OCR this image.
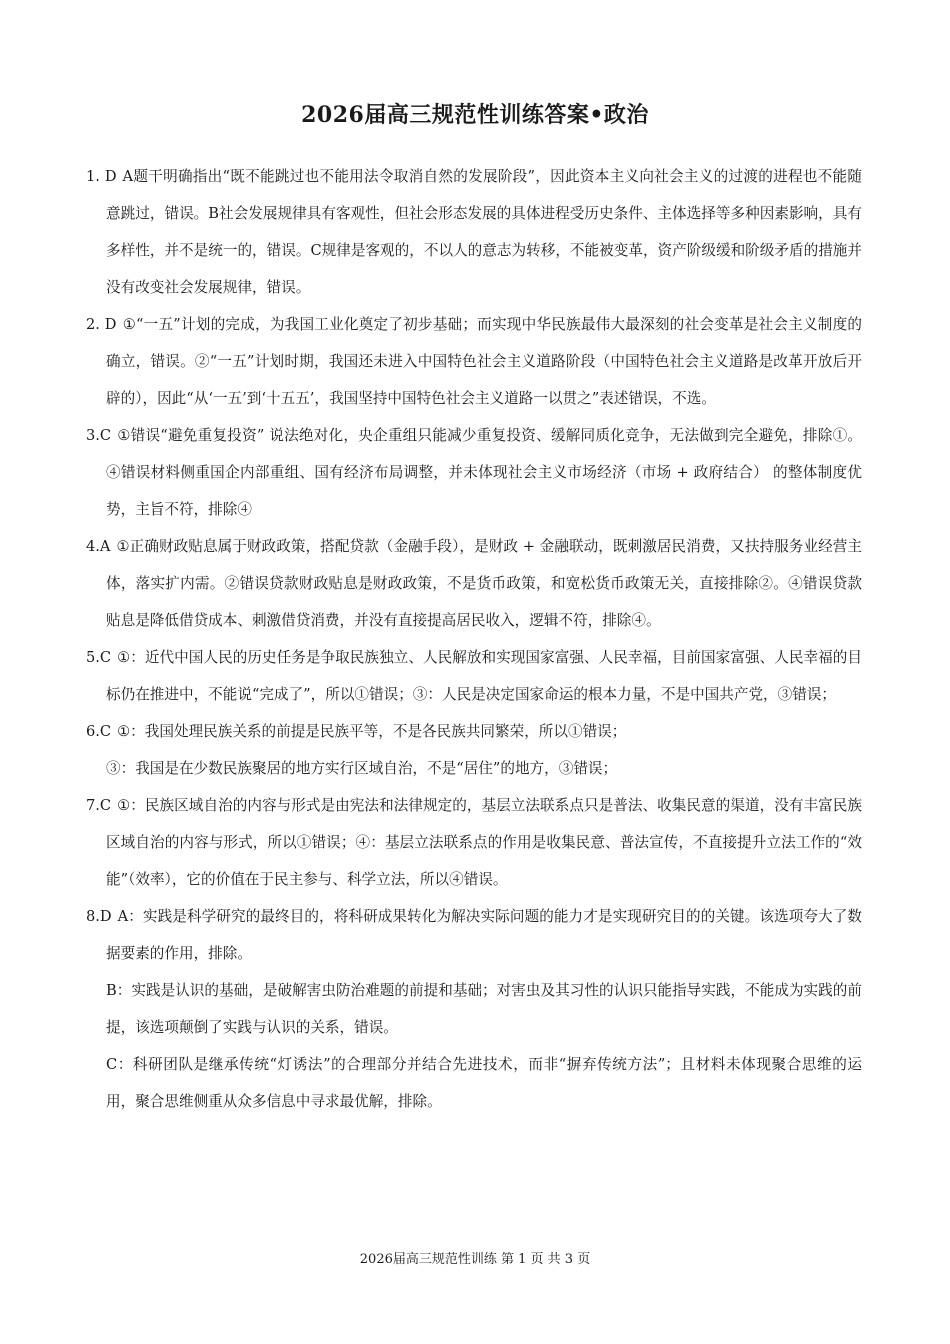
2026届高三规范性训练答案•政治
1. D A题干明确指出“既不能跳过也不能用法令取消自然的发展阶段”，因此资本主义向社会主义的过渡的进程也不能随意跳过，错误。B社会发展规律具有客观性，但社会形态发展的具体进程受历史条件、主体选择等多种因素影响，具有多样性，并不是统一的，错误。C规律是客观的，不以人的意志为转移，不能被变革，资产阶级缓和阶级矛盾的措施并没有改变社会发展规律，错误。
2. D ①“一五”计划的完成，为我国工业化奠定了初步基础；而实现中华民族最伟大最深刻的社会变革是社会主义制度的确立，错误。②“一五”计划时期，我国还未进入中国特色社会主义道路阶段（中国特色社会主义道路是改革开放后开辟的），因此“从‘一五’到‘十五五’，我国坚持中国特色社会主义道路一以贯之”表述错误，不选。
3.C ①错误“避免重复投资” 说法绝对化，央企重组只能减少重复投资、缓解同质化竞争，无法做到完全避免，排除①。 ④错误材料侧重国企内部重组、国有经济布局调整，并未体现社会主义市场经济（市场 + 政府结合） 的整体制度优势，主旨不符，排除④
4.A ①正确财政贴息属于财政政策，搭配贷款（金融手段），是财政 + 金融联动，既刺激居民消费，又扶持服务业经营主体，落实扩内需。②错误贷款财政贴息是财政政策，不是货币政策，和宽松货币政策无关，直接排除②。④错误贷款贴息是降低借贷成本、刺激借贷消费，并没有直接提高居民收入，逻辑不符，排除④。
5.C ①：近代中国人民的历史任务是争取民族独立、人民解放和实现国家富强、人民幸福，目前国家富强、人民幸福的目标仍在推进中，不能说“完成了”，所以①错误；③：人民是决定国家命运的根本力量，不是中国共产党，③错误；
6.C ①：我国处理民族关系的前提是民族平等，不是各民族共同繁荣，所以①错误；
③：我国是在少数民族聚居的地方实行区域自治，不是“居住”的地方，③错误；
7.C ①：民族区域自治的内容与形式是由宪法和法律规定的，基层立法联系点只是普法、收集民意的渠道，没有丰富民族区域自治的内容与形式，所以①错误；④：基层立法联系点的作用是收集民意、普法宣传，不直接提升立法工作的“效能”（效率），它的价值在于民主参与、科学立法，所以④错误。
8.D A：实践是科学研究的最终目的，将科研成果转化为解决实际问题的能力才是实现研究目的的关键。该选项夸大了数据要素的作用，排除。
B：实践是认识的基础，是破解害虫防治难题的前提和基础；对害虫及其习性的认识只能指导实践，不能成为实践的前提，该选项颠倒了实践与认识的关系，错误。
C：科研团队是继承传统“灯诱法”的合理部分并结合先进技术，而非“摒弃传统方法”；且材料未体现聚合思维的运用，聚合思维侧重从众多信息中寻求最优解，排除。
2026届高三规范性训练 第 1 页 共 3 页
